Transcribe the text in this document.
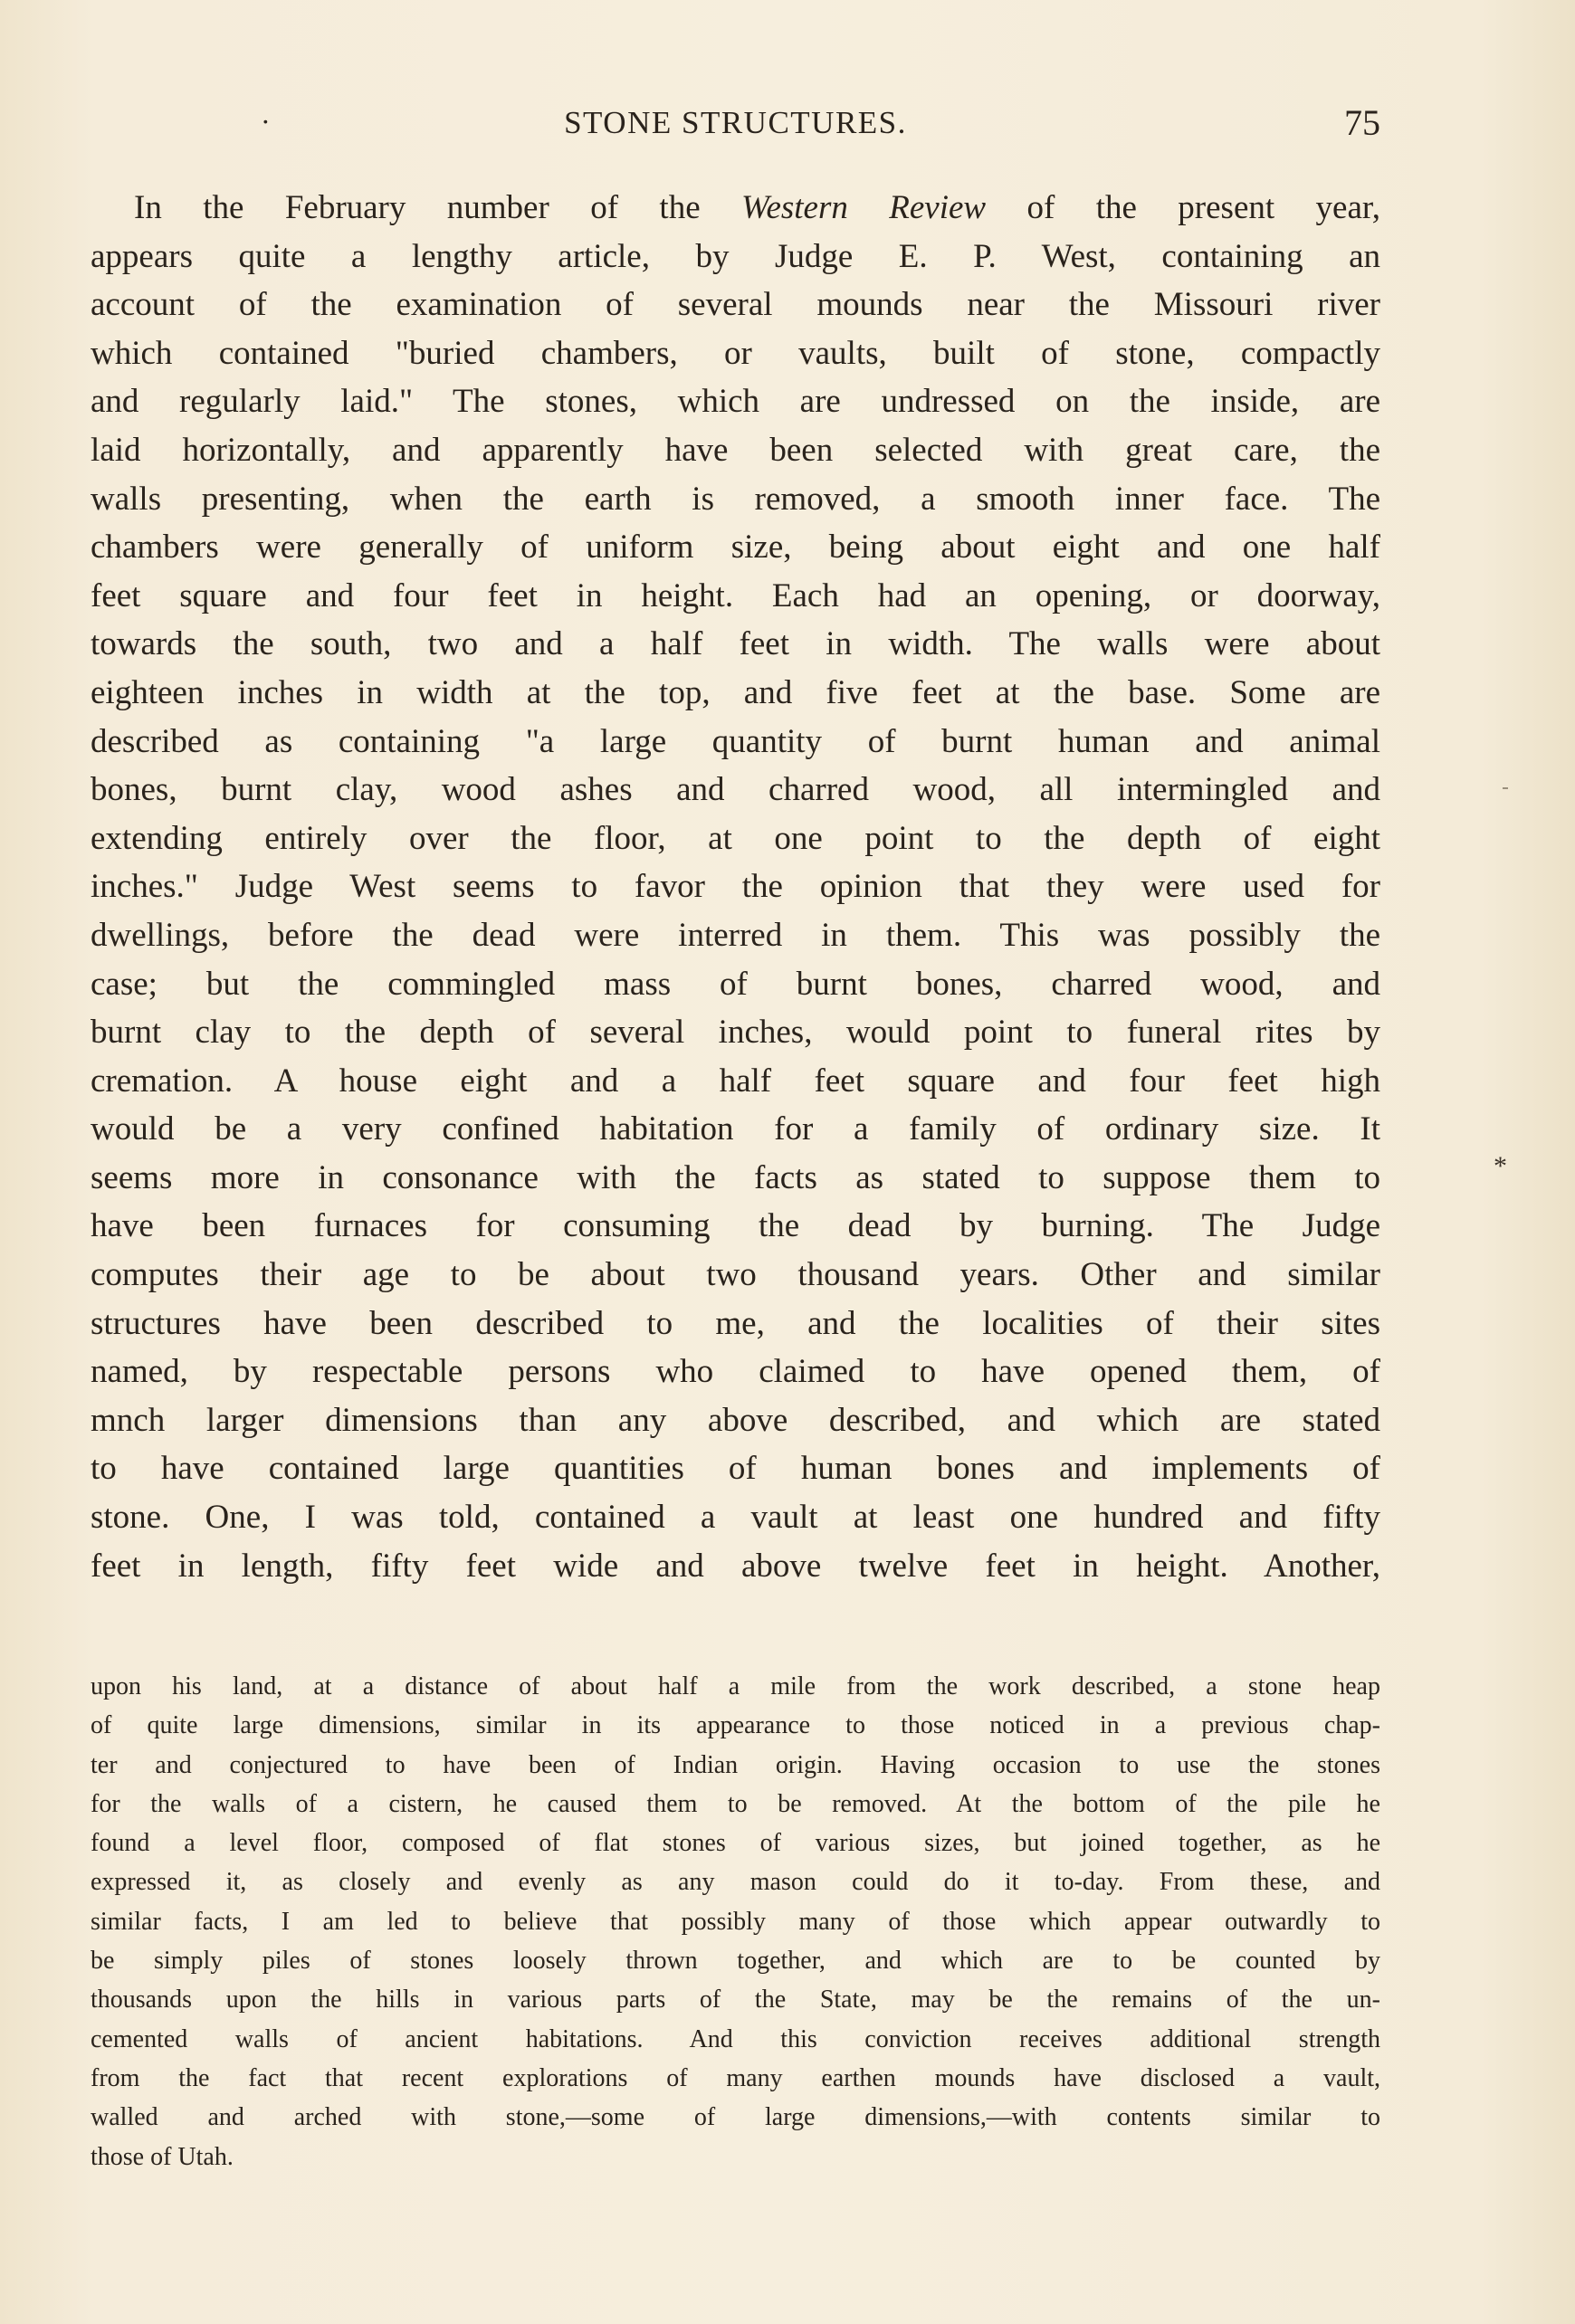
·	STONE STRUCTURES.	75
In the February number of the Western Review of the present year,
appears quite a lengthy article, by Judge E. P. West, containing an
account of the examination of several mounds near the Missouri river
which contained "buried chambers, or vaults, built of stone, compactly
and regularly laid." The stones, which are undressed on the inside, are
laid horizontally, and apparently have been selected with great care, the
walls presenting, when the earth is removed, a smooth inner face. The
chambers were generally of uniform size, being about eight and one half
feet square and four feet in height. Each had an opening, or doorway,
towards the south, two and a half feet in width. The walls were about
eighteen inches in width at the top, and five feet at the base. Some are
described as containing "a large quantity of burnt human and animal
bones, burnt clay, wood ashes and charred wood, all intermingled and
extending entirely over the floor, at one point to the depth of eight
inches." Judge West seems to favor the opinion that they were used for
dwellings, before the dead were interred in them. This was possibly the
case; but the commingled mass of burnt bones, charred wood, and
burnt clay to the depth of several inches, would point to funeral rites by
cremation. A house eight and a half feet square and four feet high
would be a very confined habitation for a family of ordinary size. It
seems more in consonance with the facts as stated to suppose them to
have been furnaces for consuming the dead by burning. The Judge
computes their age to be about two thousand years. Other and similar
structures have been described to me, and the localities of their sites
named, by respectable persons who claimed to have opened them, of
mnch larger dimensions than any above described, and which are stated
to have contained large quantities of human bones and implements of
stone. One, I was told, contained a vault at least one hundred and fifty
feet in length, fifty feet wide and above twelve feet in height. Another,
upon his land, at a distance of about half a mile from the work described, a stone heap
of quite large dimensions, similar in its appearance to those noticed in a previous chap-
ter and conjectured to have been of Indian origin. Having occasion to use the stones
for the walls of a cistern, he caused them to be removed. At the bottom of the pile he
found a level floor, composed of flat stones of various sizes, but joined together, as he
expressed it, as closely and evenly as any mason could do it to-day. From these, and
similar facts, I am led to believe that possibly many of those which appear outwardly to
be simply piles of stones loosely thrown together, and which are to be counted by
thousands upon the hills in various parts of the State, may be the remains of the un-
cemented walls of ancient habitations. And this conviction receives additional strength
from the fact that recent explorations of many earthen mounds have disclosed a vault,
walled and arched with stone,—some of large dimensions,—with contents similar to
those of Utah.
*
